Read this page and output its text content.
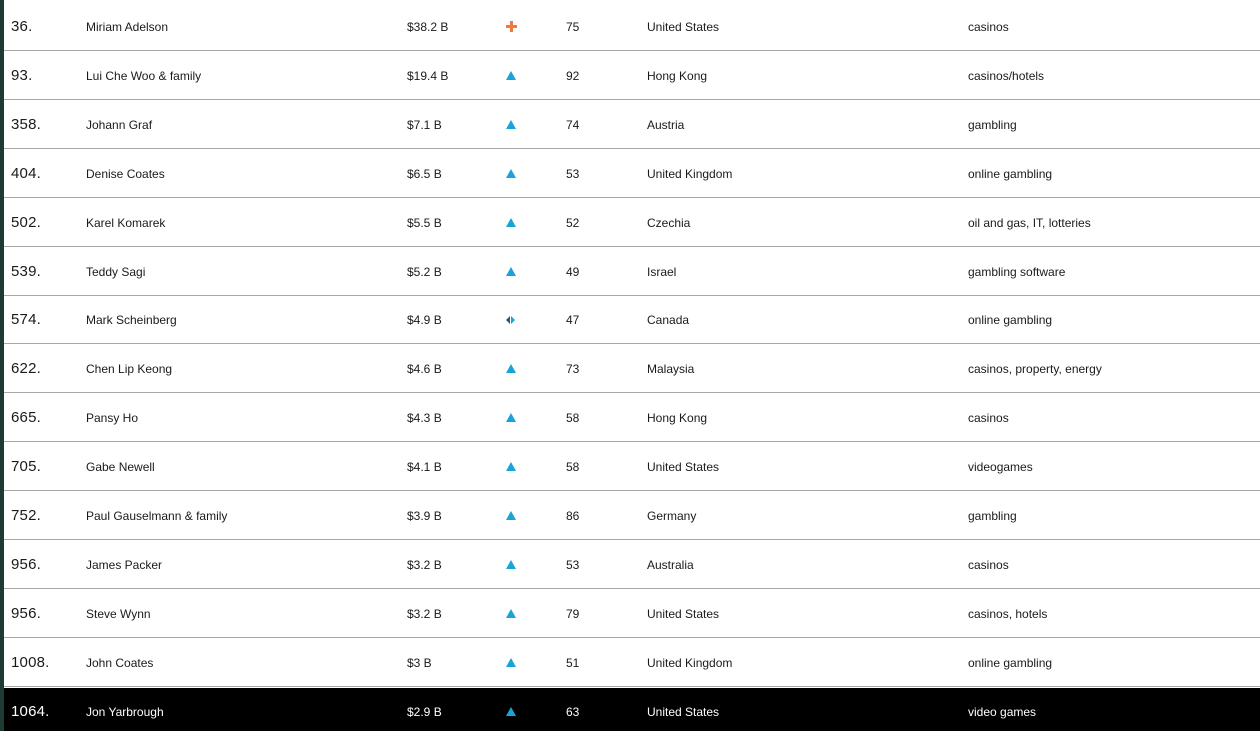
36.	Miriam Adelson	$38.2 B	75	United States	casinos
93.	Lui Che Woo & family	$19.4 B	92	Hong Kong	casinos/hotels
358.	Johann Graf	$7.1 B	74	Austria	gambling
404.	Denise Coates	$6.5 B	53	United Kingdom	online gambling
502.	Karel Komarek	$5.5 B	52	Czechia	oil and gas, IT, lotteries
539.	Teddy Sagi	$5.2 B	49	Israel	gambling software
574.	Mark Scheinberg	$4.9 B	47	Canada	online gambling
622.	Chen Lip Keong	$4.6 B	73	Malaysia	casinos, property, energy
665.	Pansy Ho	$4.3 B	58	Hong Kong	casinos
705.	Gabe Newell	$4.1 B	58	United States	videogames
752.	Paul Gauselmann & family	$3.9 B	86	Germany	gambling
956.	James Packer	$3.2 B	53	Australia	casinos
956.	Steve Wynn	$3.2 B	79	United States	casinos, hotels
1008.	John Coates	$3 B	51	United Kingdom	online gambling
1064.	Jon Yarbrough	$2.9 B	63	United States	video games
